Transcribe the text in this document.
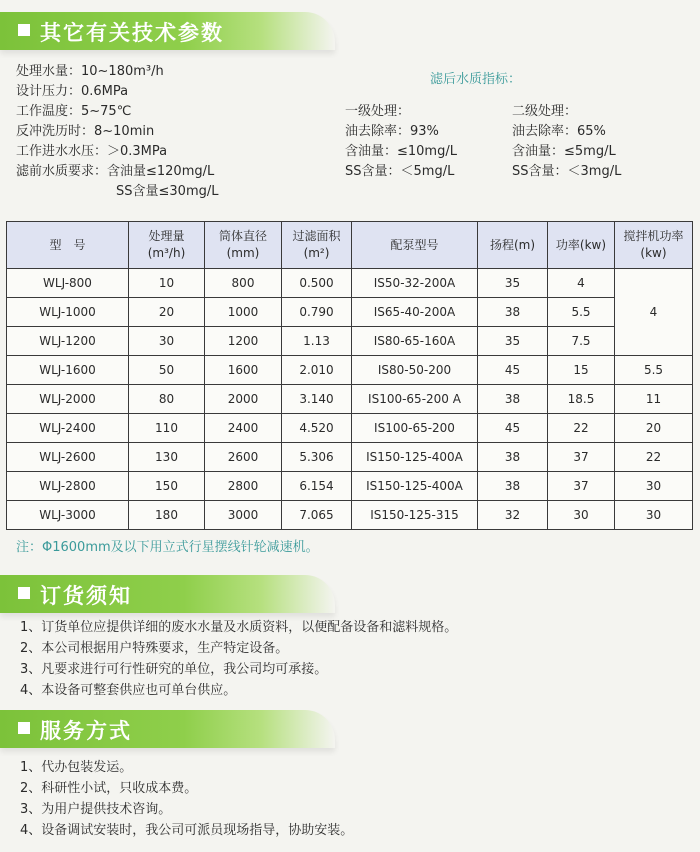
其它有关技术参数
处理水量：10~180m³/h
设计压力：0.6MPa
工作温度：5~75℃
反冲洗历时：8~10min
工作进水水压：＞0.3MPa
滤前水质要求：含油量≤120mg/L
SS含量≤30mg/L
滤后水质指标：
一级处理：
油去除率：93%
含油量：≤10mg/L
SS含量：＜5mg/L
二级处理：
油去除率：65%
含油量：≤5mg/L
SS含量：＜3mg/L
型　号	处理量
(m³/h)	筒体直径
(mm)	过滤面积
(m²)	配泵型号	扬程(m)	功率(kw)	搅拌机功率
(kw)
WLJ-800	10	800	0.500	IS50-32-200A	35	4	4
WLJ-1000	20	1000	0.790	IS65-40-200A	38	5.5	
WLJ-1200	30	1200	1.13	IS80-65-160A	35	7.5	
WLJ-1600	50	1600	2.010	IS80-50-200	45	15	5.5
WLJ-2000	80	2000	3.140	IS100-65-200 A	38	18.5	11
WLJ-2400	110	2400	4.520	IS100-65-200	45	22	20
WLJ-2600	130	2600	5.306	IS150-125-400A	38	37	22
WLJ-2800	150	2800	6.154	IS150-125-400A	38	37	30
WLJ-3000	180	3000	7.065	IS150-125-315	32	30	30
注：Φ1600mm及以下用立式行星摆线针轮减速机。
订货须知
1、订货单位应提供详细的废水水量及水质资料，以便配备设备和滤料规格。
2、本公司根据用户特殊要求，生产特定设备。
3、凡要求进行可行性研究的单位，我公司均可承接。
4、本设备可整套供应也可单台供应。
服务方式
1、代办包装发运。
2、科研性小试，只收成本费。
3、为用户提供技术咨询。
4、设备调试安装时，我公司可派员现场指导，协助安装。
